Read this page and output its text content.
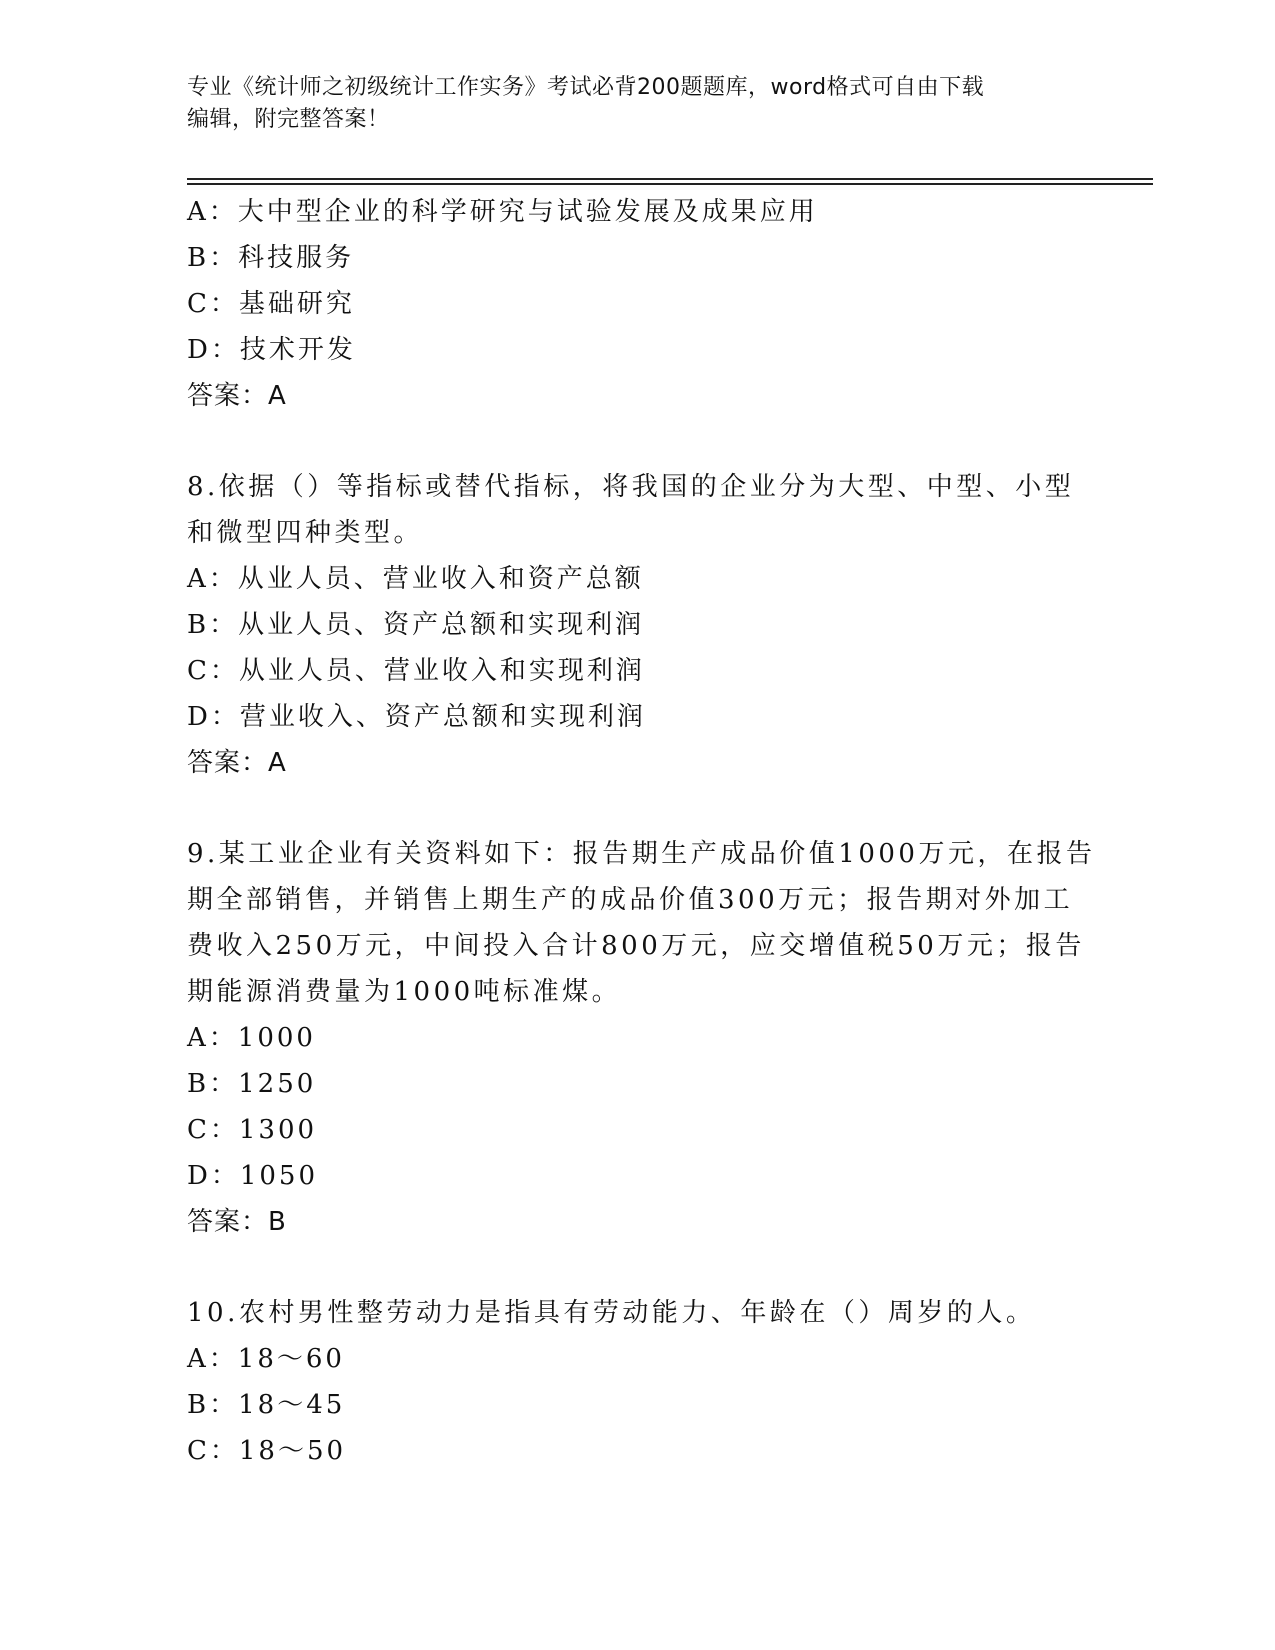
专业《统计师之初级统计工作实务》考试必背200题题库，word格式可自由下载
编辑，附完整答案！
A：大中型企业的科学研究与试验发展及成果应用
B：科技服务
C：基础研究
D：技术开发
答案：A
8.依据（）等指标或替代指标，将我国的企业分为大型、中型、小型
和微型四种类型。
A：从业人员、营业收入和资产总额
B：从业人员、资产总额和实现利润
C：从业人员、营业收入和实现利润
D：营业收入、资产总额和实现利润
答案：A
9.某工业企业有关资料如下：报告期生产成品价值1000万元，在报告
期全部销售，并销售上期生产的成品价值300万元；报告期对外加工
费收入250万元，中间投入合计800万元，应交增值税50万元；报告
期能源消费量为1000吨标准煤。
A：1000
B：1250
C：1300
D：1050
答案：B
10.农村男性整劳动力是指具有劳动能力、年龄在（）周岁的人。
A：18～60
B：18～45
C：18～50
